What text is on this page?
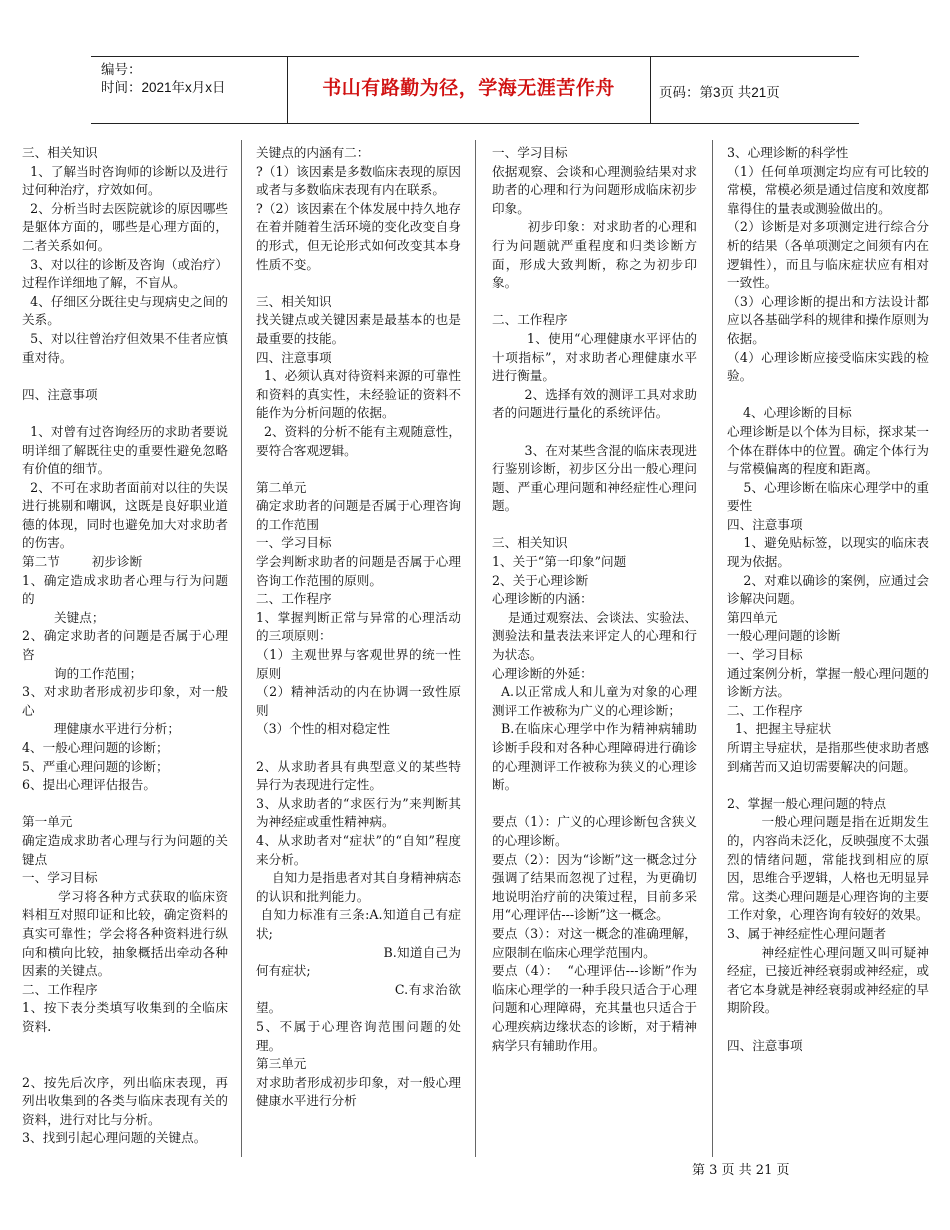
编号：
时间：2021年x月x日	书山有路勤为径，学海无涯苦作舟	页码：第3页 共21页

三、相关知识

1、了解当时咨询师的诊断以及进行过何种治疗，疗效如何。

2、分析当时去医院就诊的原因哪些是躯体方面的，哪些是心理方面的，二者关系如何。

3、对以往的诊断及咨询（或治疗）过程作详细地了解，不盲从。

4、仔细区分既往史与现病史之间的关系。

5、对以往曾治疗但效果不佳者应慎重对待。

四、注意事项

1、对曾有过咨询经历的求助者要说明详细了解既往史的重要性避免忽略有价值的细节。

2、不可在求助者面前对以往的失误进行挑剔和嘲讽，这既是良好职业道德的体现，同时也避免加大对求助者的伤害。

第二节        初步诊断

1、确定造成求助者心理与行为问题的

关键点；

2、确定求助者的问题是否属于心理咨

询的工作范围；

3、对求助者形成初步印象，对一般心

理健康水平进行分析；

4、一般心理问题的诊断；

5、严重心理问题的诊断；

6、提出心理评估报告。

第一单元

确定造成求助者心理与行为问题的关键点

一、学习目标

学习将各种方式获取的临床资料相互对照印证和比较，确定资料的真实可靠性；学会将各种资料进行纵向和横向比较，抽象概括出牵动各种因素的关键点。

二、工作程序

1、按下表分类填写收集到的全临床资料.

2、按先后次序，列出临床表现，再列出收集到的各类与临床表现有关的资料，进行对比与分析。

3、找到引起心理问题的关键点。

关键点的内涵有二：

?（1）该因素是多数临床表现的原因或者与多数临床表现有内在联系。

?（2）该因素在个体发展中持久地存在着并随着生活环境的变化改变自身的形式，但无论形式如何改变其本身性质不变。

三、相关知识

找关键点或关键因素是最基本的也是最重要的技能。

四、注意事项

1、必须认真对待资料来源的可靠性和资料的真实性，未经验证的资料不能作为分析问题的依据。

2、资料的分析不能有主观随意性，要符合客观逻辑。

第二单元

确定求助者的问题是否属于心理咨询的工作范围

一、学习目标

学会判断求助者的问题是否属于心理咨询工作范围的原则。

二、工作程序

1、掌握判断正常与异常的心理活动的三项原则：

（1）主观世界与客观世界的统一性原则

（2）精神活动的内在协调一致性原则

（3）个性的相对稳定性

2、从求助者具有典型意义的某些特异行为表现进行定性。

3、从求助者的“求医行为”来判断其为神经症或重性精神病。

4、从求助者对“症状”的“自知”程度来分析。

自知力是指患者对其自身精神病态的认识和批判能力。

自知力标准有三条:A.知道自己有症状;

B.知道自己为何有症状;

C.有求治欲望。

5、不属于心理咨询范围问题的处理。

第三单元

对求助者形成初步印象，对一般心理健康水平进行分析

一、学习目标

依据观察、会谈和心理测验结果对求助者的心理和行为问题形成临床初步印象。

初步印象：对求助者的心理和行为问题就严重程度和归类诊断方面，形成大致判断，称之为初步印象。

二、工作程序

1、使用“心理健康水平评估的十项指标”，对求助者心理健康水平进行衡量。

2、选择有效的测评工具对求助者的问题进行量化的系统评估。

3、在对某些含混的临床表现进行鉴别诊断，初步区分出一般心理问题、严重心理问题和神经症性心理问题。

三、相关知识

1、关于“第一印象”问题

2、关于心理诊断

心理诊断的内涵：

是通过观察法、会谈法、实验法、测验法和量表法来评定人的心理和行为状态。

心理诊断的外延：

A.以正常成人和儿童为对象的心理测评工作被称为广义的心理诊断；

B.在临床心理学中作为精神病辅助诊断手段和对各种心理障碍进行确诊的心理测评工作被称为狭义的心理诊断。

要点（1）：广义的心理诊断包含狭义的心理诊断。

要点（2）：因为“诊断”这一概念过分强调了结果而忽视了过程，为更确切地说明治疗前的决策过程，目前多采用“心理评估---诊断”这一概念。

要点（3）：对这一概念的准确理解，应限制在临床心理学范围内。

要点（4）：  “心理评估---诊断”作为临床心理学的一种手段只适合于心理问题和心理障碍，充其量也只适合于心理疾病边缘状态的诊断，对于精神病学只有辅助作用。

3、心理诊断的科学性

（1）任何单项测定均应有可比较的常模，常模必须是通过信度和效度都靠得住的量表或测验做出的。

（2）诊断是对多项测定进行综合分析的结果（各单项测定之间须有内在逻辑性），而且与临床症状应有相对一致性。

（3）心理诊断的提出和方法设计都应以各基础学科的规律和操作原则为依据。

（4）心理诊断应接受临床实践的检验。

4、心理诊断的目标

心理诊断是以个体为目标，探求某一个体在群体中的位置。确定个体行为与常模偏离的程度和距离。

5、心理诊断在临床心理学中的重要性

四、注意事项

1、避免贴标签，以现实的临床表现为依据。

2、对难以确诊的案例，应通过会诊解决问题。

第四单元

一般心理问题的诊断

一、学习目标

通过案例分析，掌握一般心理问题的诊断方法。

二、工作程序

1、把握主导症状

所谓主导症状，是指那些使求助者感到痛苦而又迫切需要解决的问题。

2、掌握一般心理问题的特点

一般心理问题是指在近期发生的，内容尚未泛化，反映强度不太强烈的情绪问题，常能找到相应的原因，思维合乎逻辑，人格也无明显异常。这类心理问题是心理咨询的主要工作对象，心理咨询有较好的效果。

3、属于神经症性心理问题者

神经症性心理问题又叫可疑神经症，已接近神经衰弱或神经症，或者它本身就是神经衰弱或神经症的早期阶段。

四、注意事项

第 3 页 共 21 页
